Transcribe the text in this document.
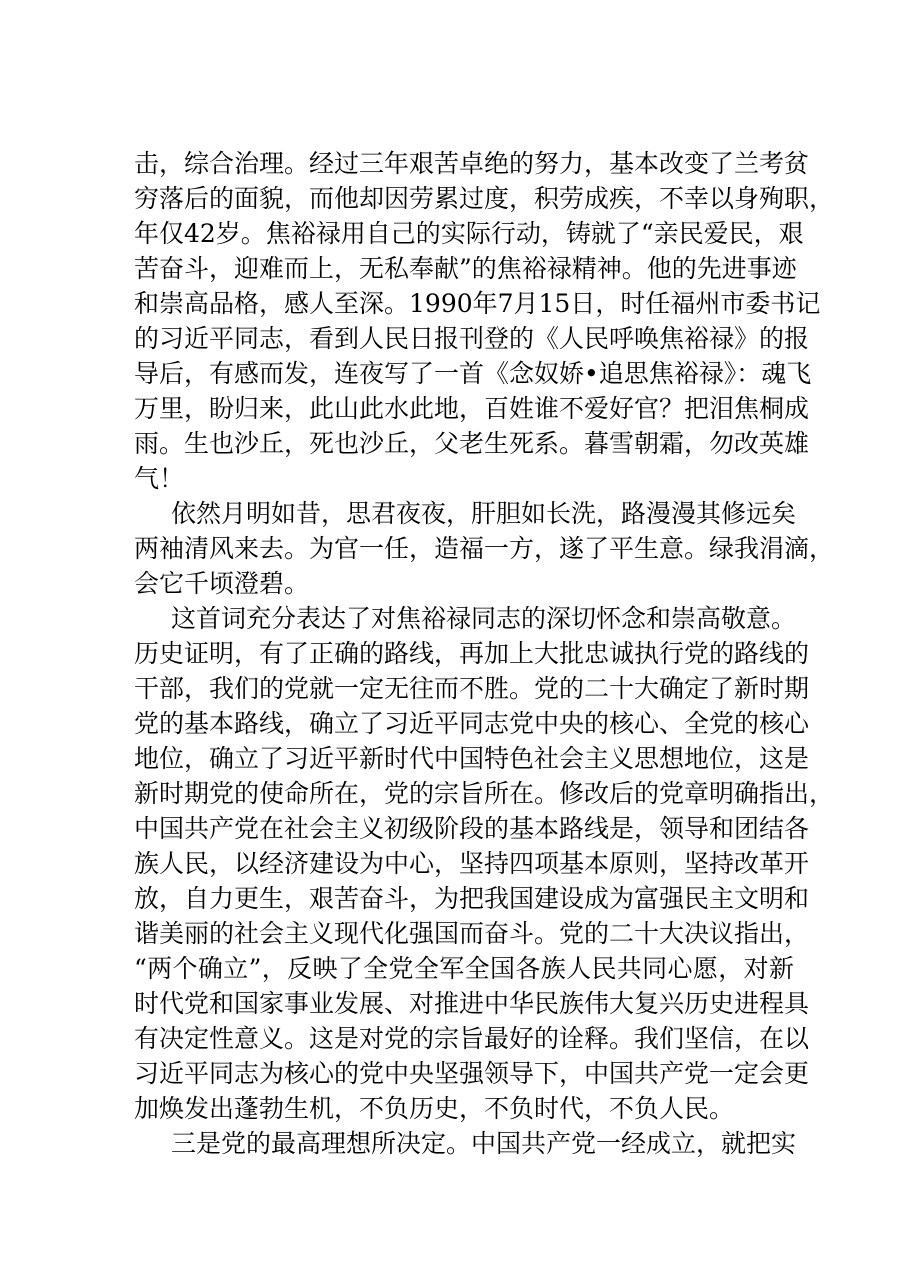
击，综合治理。经过三年艰苦卓绝的努力，基本改变了兰考贫
穷落后的面貌，而他却因劳累过度，积劳成疾，不幸以身殉职，
年仅42岁。焦裕禄用自己的实际行动，铸就了“亲民爱民，艰
苦奋斗，迎难而上，无私奉献”的焦裕禄精神。他的先进事迹
和崇高品格，感人至深。1990年7月15日，时任福州市委书记
的习近平同志，看到人民日报刊登的《人民呼唤焦裕禄》的报
导后，有感而发，连夜写了一首《念奴娇•追思焦裕禄》：魂飞
万里，盼归来，此山此水此地，百姓谁不爱好官？把泪焦桐成
雨。生也沙丘，死也沙丘，父老生死系。暮雪朝霜，勿改英雄
气！
依然月明如昔，思君夜夜，肝胆如长洗，路漫漫其修远矣
两袖清风来去。为官一任，造福一方，遂了平生意。绿我涓滴，
会它千顷澄碧。
这首词充分表达了对焦裕禄同志的深切怀念和崇高敬意。
历史证明，有了正确的路线，再加上大批忠诚执行党的路线的
干部，我们的党就一定无往而不胜。党的二十大确定了新时期
党的基本路线，确立了习近平同志党中央的核心、全党的核心
地位，确立了习近平新时代中国特色社会主义思想地位，这是
新时期党的使命所在，党的宗旨所在。修改后的党章明确指出，
中国共产党在社会主义初级阶段的基本路线是，领导和团结各
族人民，以经济建设为中心，坚持四项基本原则，坚持改革开
放，自力更生，艰苦奋斗，为把我国建设成为富强民主文明和
谐美丽的社会主义现代化强国而奋斗。党的二十大决议指出，
“两个确立”，反映了全党全军全国各族人民共同心愿，对新
时代党和国家事业发展、对推进中华民族伟大复兴历史进程具
有决定性意义。这是对党的宗旨最好的诠释。我们坚信，在以
习近平同志为核心的党中央坚强领导下，中国共产党一定会更
加焕发出蓬勃生机，不负历史，不负时代，不负人民。
三是党的最高理想所决定。中国共产党一经成立，就把实
